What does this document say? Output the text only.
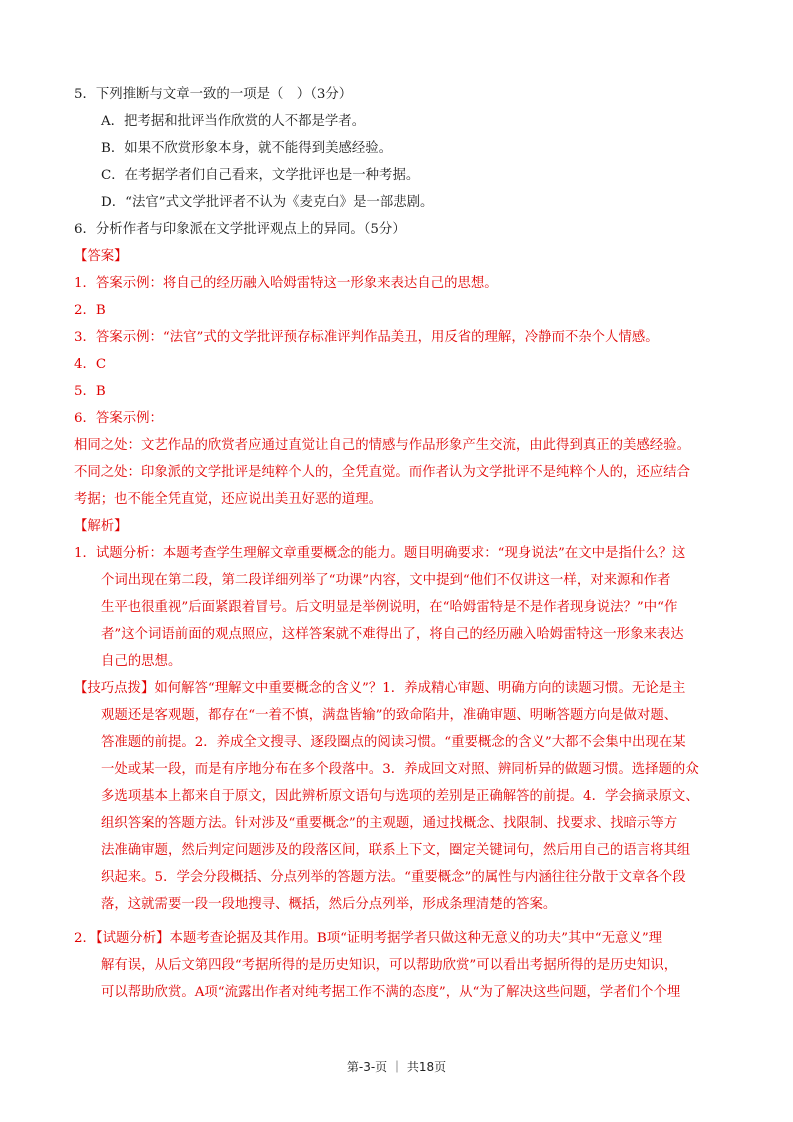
5．下列推断与文章一致的一项是（　）（3分）
A．把考据和批评当作欣赏的人不都是学者。
B．如果不欣赏形象本身，就不能得到美感经验。
C．在考据学者们自己看来，文学批评也是一种考据。
D．“法官”式文学批评者不认为《麦克白》是一部悲剧。
6．分析作者与印象派在文学批评观点上的异同。（5分）
【答案】
1．答案示例：将自己的经历融入哈姆雷特这一形象来表达自己的思想。
2．B
3．答案示例：“法官”式的文学批评预存标准评判作品美丑，用反省的理解，冷静而不杂个人情感。
4．C
5．B
6．答案示例：
相同之处：文艺作品的欣赏者应通过直觉让自己的情感与作品形象产生交流，由此得到真正的美感经验。
不同之处：印象派的文学批评是纯粹个人的，全凭直觉。而作者认为文学批评不是纯粹个人的，还应结合
考据；也不能全凭直觉，还应说出美丑好恶的道理。
【解析】
1．试题分析：本题考查学生理解文章重要概念的能力。题目明确要求：“现身说法”在文中是指什么？这
个词出现在第二段，第二段详细列举了“功课”内容，文中提到“他们不仅讲这一样，对来源和作者
生平也很重视”后面紧跟着冒号。后文明显是举例说明，在“哈姆雷特是不是作者现身说法？”中“作
者”这个词语前面的观点照应，这样答案就不难得出了，将自己的经历融入哈姆雷特这一形象来表达
自己的思想。
【技巧点拨】如何解答“理解文中重要概念的含义”？1．养成精心审题、明确方向的读题习惯。无论是主
观题还是客观题，都存在“一着不慎，满盘皆输”的致命陷井，准确审题、明晰答题方向是做对题、
答准题的前提。2．养成全文搜寻、逐段圈点的阅读习惯。“重要概念的含义”大都不会集中出现在某
一处或某一段，而是有序地分布在多个段落中。3．养成回文对照、辨同析异的做题习惯。选择题的众
多选项基本上都来自于原文，因此辨析原文语句与选项的差别是正确解答的前提。4．学会摘录原文、
组织答案的答题方法。针对涉及“重要概念”的主观题，通过找概念、找限制、找要求、找暗示等方
法准确审题，然后判定问题涉及的段落区间，联系上下文，圈定关键词句，然后用自己的语言将其组
织起来。5．学会分段概括、分点列举的答题方法。“重要概念”的属性与内涵往往分散于文章各个段
落，这就需要一段一段地搜寻、概括，然后分点列举，形成条理清楚的答案。
2．【试题分析】本题考查论据及其作用。B项“证明考据学者只做这种无意义的功夫”其中“无意义”理
解有误，从后文第四段“考据所得的是历史知识，可以帮助欣赏”可以看出考据所得的是历史知识，
可以帮助欣赏。A项“流露出作者对纯考据工作不满的态度”，从“为了解决这些问题，学者们个个埋
第-3-页 ｜ 共18页
